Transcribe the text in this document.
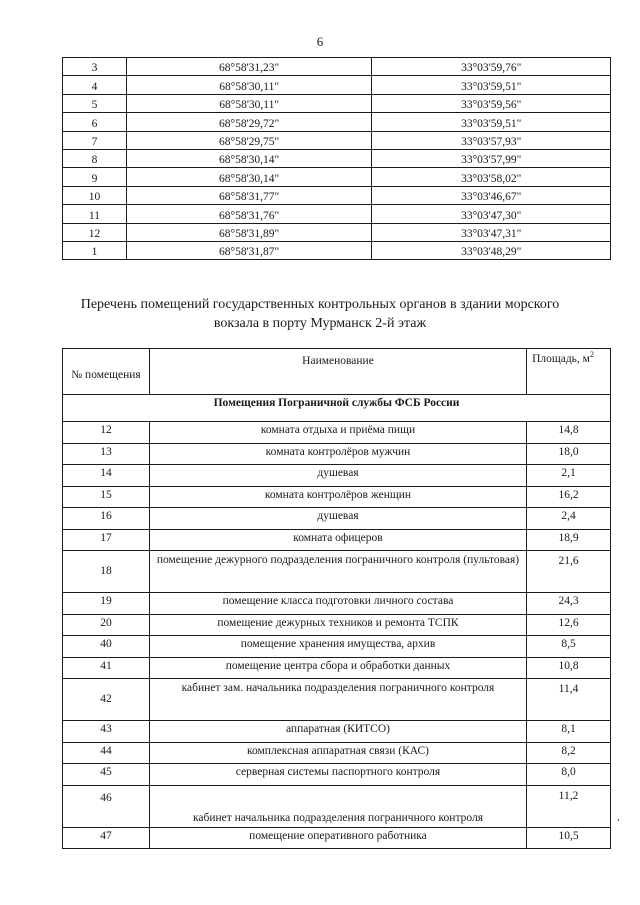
6
3	68°58'31,23"	33°03'59,76"
4	68°58'30,11"	33°03'59,51"
5	68°58'30,11"	33°03'59,56"
6	68°58'29,72"	33°03'59,51"
7	68°58'29,75"	33°03'57,93"
8	68°58'30,14"	33°03'57,99"
9	68°58'30,14"	33°03'58,02"
10	68°58'31,77"	33°03'46,67"
11	68°58'31,76"	33°03'47,30"
12	68°58'31,89"	33°03'47,31"
1	68°58'31,87"	33°03'48,29"
Перечень помещений государственных контрольных органов в здании морского вокзала в порту Мурманск 2-й этаж
№ помещения	Наименование	Площадь, $м^2$
Помещения Пограничной службы ФСБ России		
12	комната отдыха и приёма пищи	14,8
13	комната контролёров мужчин	18,0
14	душевая	2,1
15	комната контролёров женщин	16,2
16	душевая	2,4
17	комната офицеров	18,9
18	помещение дежурного подразделения пограничного контроля (пультовая)	21,6
19	помещение класса подготовки личного состава	24,3
20	помещение дежурных техников и ремонта ТСПК	12,6
40	помещение хранения имущества, архив	8,5
41	помещение центра сбора и обработки данных	10,8
42	кабинет зам. начальника подразделения пограничного контроля	11,4
43	аппаратная (КИТСО)	8,1
44	комплексная аппаратная связи (КАС)	8,2
45	серверная системы паспортного контроля	8,0
46	кабинет начальника подразделения пограничного контроля	11,2
47	помещение оперативного работника	10,5
,
